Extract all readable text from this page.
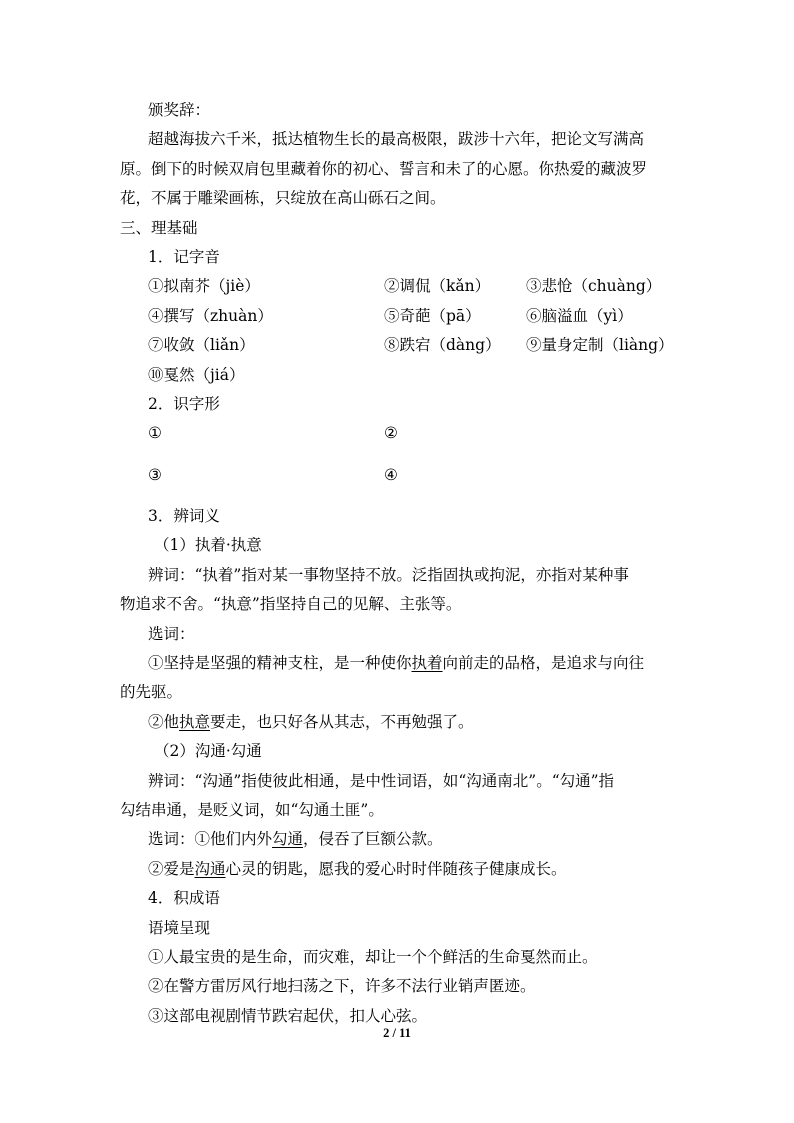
颁奖辞：
超越海拔六千米，抵达植物生长的最高极限，跋涉十六年，把论文写满高
原。倒下的时候双肩包里藏着你的初心、誓言和未了的心愿。你热爱的藏波罗
花，不属于雕梁画栋，只绽放在高山砾石之间。
三、理基础
1．记字音
①拟南芥（jiè）	②调侃（kǎn）	③悲怆（chuàng）
④撰写（zhuàn）	⑤奇葩（pā）	⑥脑溢血（yì）
⑦收敛（liǎn）	⑧跌宕（dàng）	⑨量身定制（liàng）
⑩戛然（jiá）
2．识字形
①	②
③	④
3．辨词义
（1）执着·执意
辨词：“执着”指对某一事物坚持不放。泛指固执或拘泥，亦指对某种事
物追求不舍。“执意”指坚持自己的见解、主张等。
选词：
①坚持是坚强的精神支柱，是一种使你执着向前走的品格，是追求与向往
的先驱。
②他执意要走，也只好各从其志，不再勉强了。
（2）沟通·勾通
辨词：“沟通”指使彼此相通，是中性词语，如“沟通南北”。“勾通”指
勾结串通，是贬义词，如“勾通土匪”。
选词：①他们内外勾通，侵吞了巨额公款。
②爱是沟通心灵的钥匙，愿我的爱心时时伴随孩子健康成长。
4．积成语
语境呈现
①人最宝贵的是生命，而灾难，却让一个个鲜活的生命戛然而止。
②在警方雷厉风行地扫荡之下，许多不法行业销声匿迹。
③这部电视剧情节跌宕起伏，扣人心弦。
2 / 11
